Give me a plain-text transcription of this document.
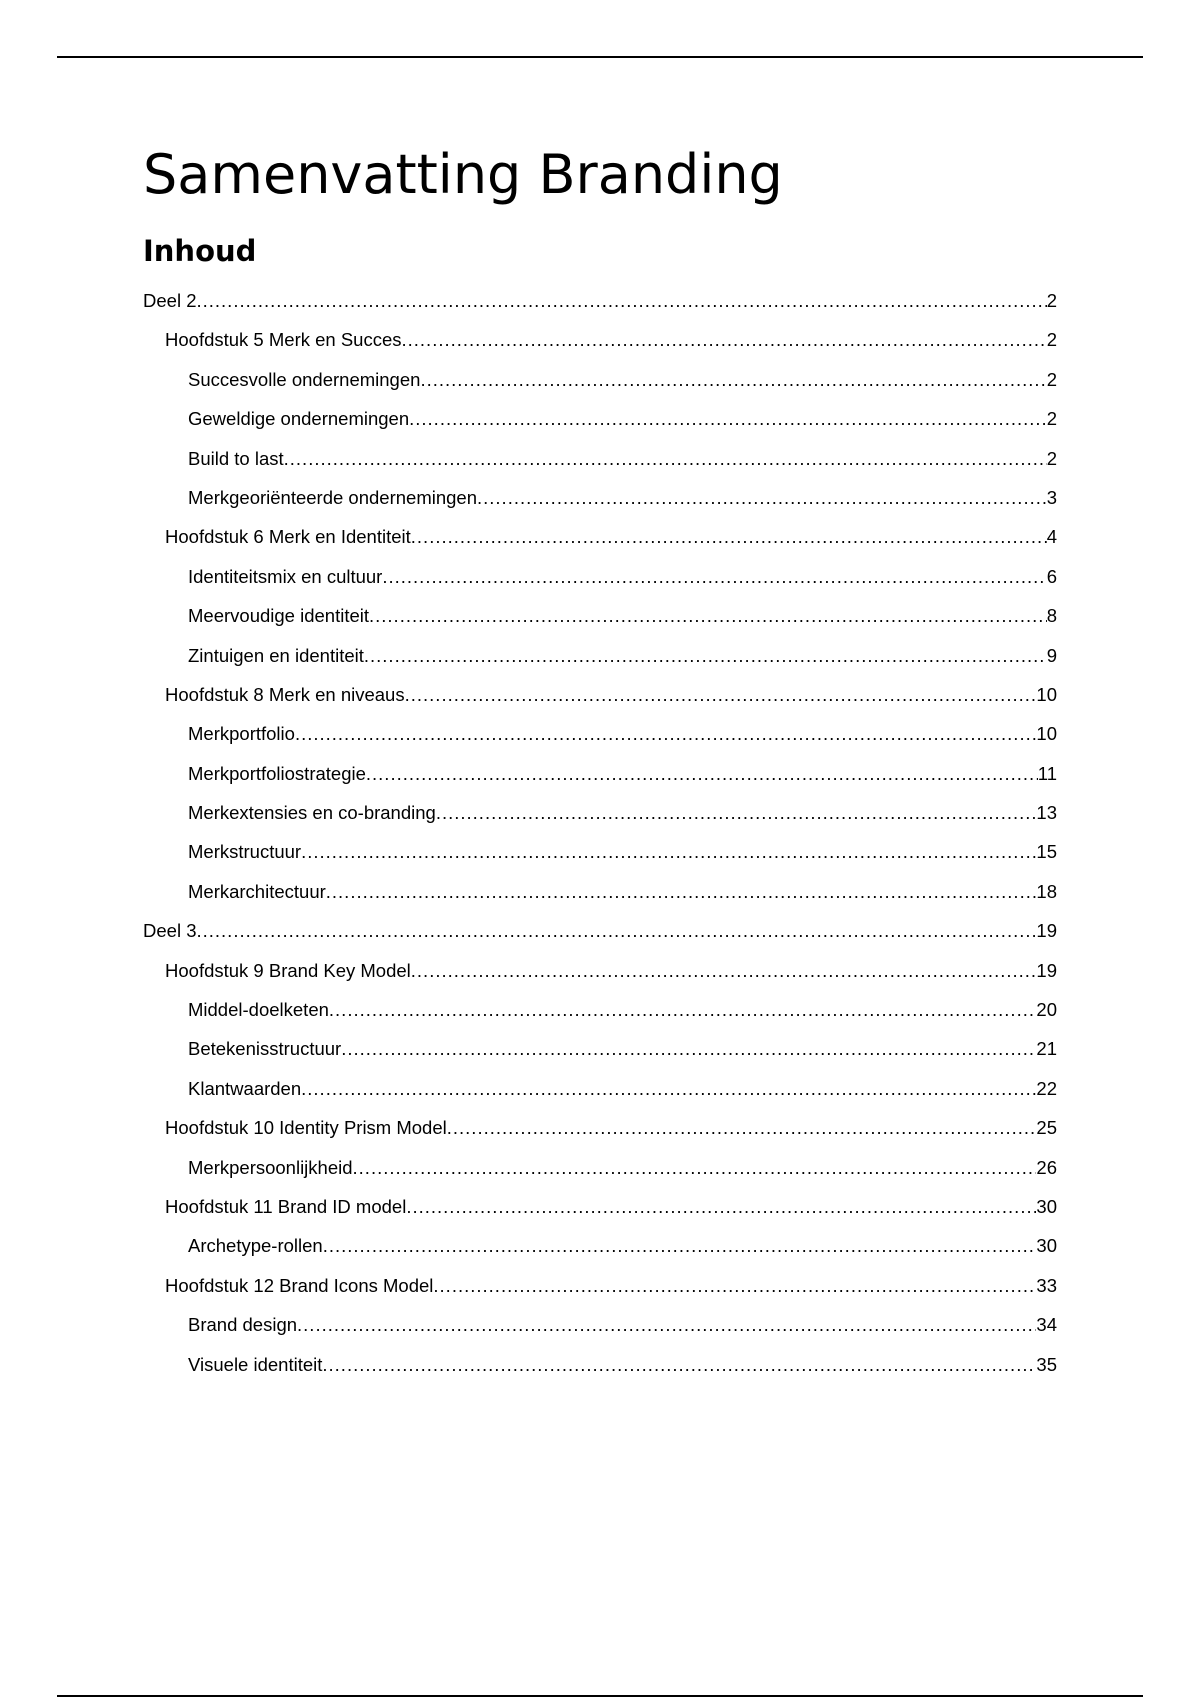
Samenvatting Branding
Inhoud
Deel 2 .....	2
Hoofdstuk 5 Merk en Succes .....	2
Succesvolle ondernemingen .....	2
Geweldige ondernemingen .....	2
Build to last .....	2
Merkgeoriënteerde ondernemingen .....	3
Hoofdstuk 6 Merk en Identiteit .....	4
Identiteitsmix en cultuur .....	6
Meervoudige identiteit .....	8
Zintuigen en identiteit .....	9
Hoofdstuk 8 Merk en niveaus .....	10
Merkportfolio .....	10
Merkportfoliostrategie .....	11
Merkextensies en co-branding .....	13
Merkstructuur .....	15
Merkarchitectuur .....	18
Deel 3 .....	19
Hoofdstuk 9 Brand Key Model .....	19
Middel-doelketen .....	20
Betekenisstructuur .....	21
Klantwaarden .....	22
Hoofdstuk 10 Identity Prism Model .....	25
Merkpersoonlijkheid .....	26
Hoofdstuk 11 Brand ID model .....	30
Archetype-rollen .....	30
Hoofdstuk 12 Brand Icons Model .....	33
Brand design .....	34
Visuele identiteit .....	35
